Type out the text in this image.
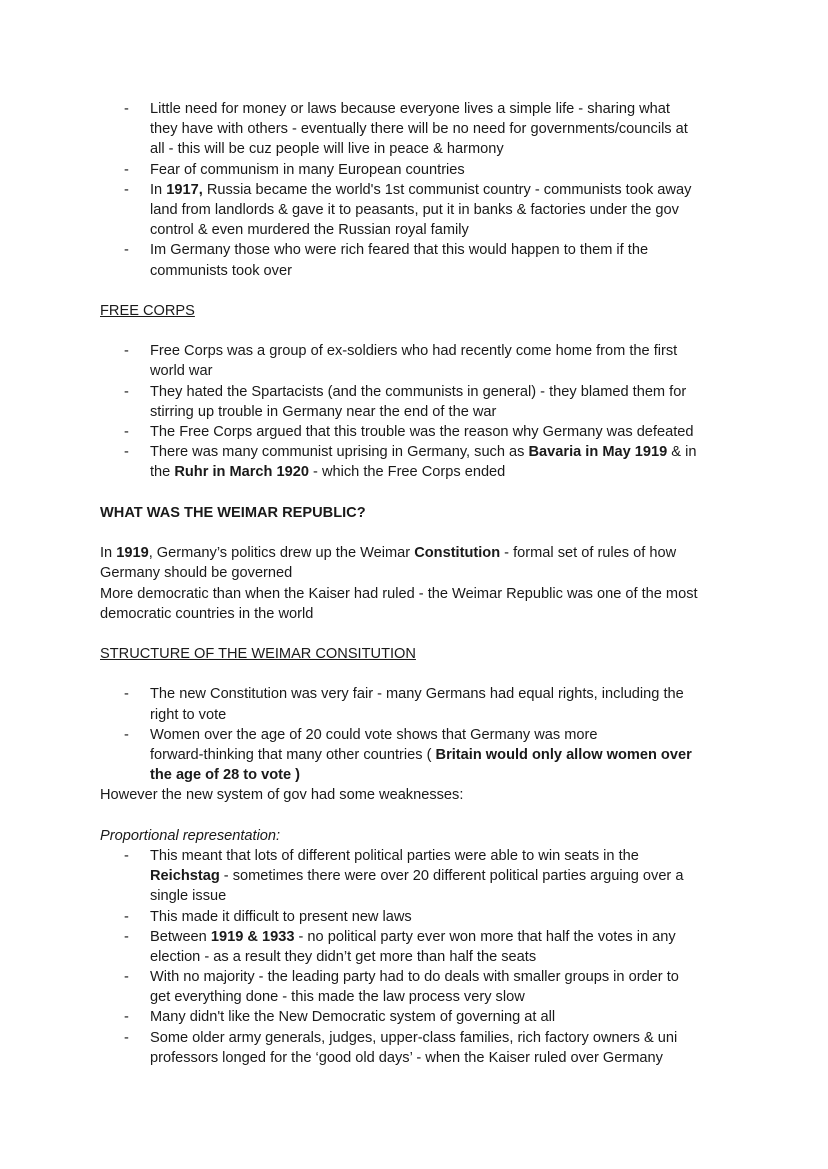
- Little need for money or laws because everyone lives a simple life - sharing what
they have with others - eventually there will be no need for governments/councils at
all - this will be cuz people will live in peace & harmony
- Fear of communism in many European countries
- In 1917, Russia became the world's 1st communist country - communists took away
land from landlords & gave it to peasants, put it in banks & factories under the gov
control & even murdered the Russian royal family
- Im Germany those who were rich feared that this would happen to them if the
communists took over
FREE CORPS
- Free Corps was a group of ex-soldiers who had recently come home from the first
world war
- They hated the Spartacists (and the communists in general) - they blamed them for
stirring up trouble in Germany near the end of the war
- The Free Corps argued that this trouble was the reason why Germany was defeated
- There was many communist uprising in Germany, such as Bavaria in May 1919 & in
the Ruhr in March 1920 - which the Free Corps ended
WHAT WAS THE WEIMAR REPUBLIC?
In 1919, Germany’s politics drew up the Weimar Constitution - formal set of rules of how
Germany should be governed
More democratic than when the Kaiser had ruled - the Weimar Republic was one of the most
democratic countries in the world
STRUCTURE OF THE WEIMAR CONSITUTION
- The new Constitution was very fair - many Germans had equal rights, including the
right to vote
- Women over the age of 20 could vote shows that Germany was more
forward-thinking that many other countries ( Britain would only allow women over
the age of 28 to vote )
However the new system of gov had some weaknesses:
Proportional representation:
- This meant that lots of different political parties were able to win seats in the
Reichstag - sometimes there were over 20 different political parties arguing over a
single issue
- This made it difficult to present new laws
- Between 1919 & 1933 - no political party ever won more that half the votes in any
election - as a result they didn’t get more than half the seats
- With no majority - the leading party had to do deals with smaller groups in order to
get everything done - this made the law process very slow
- Many didn't like the New Democratic system of governing at all
- Some older army generals, judges, upper-class families, rich factory owners & uni
professors longed for the ‘good old days’ - when the Kaiser ruled over Germany
